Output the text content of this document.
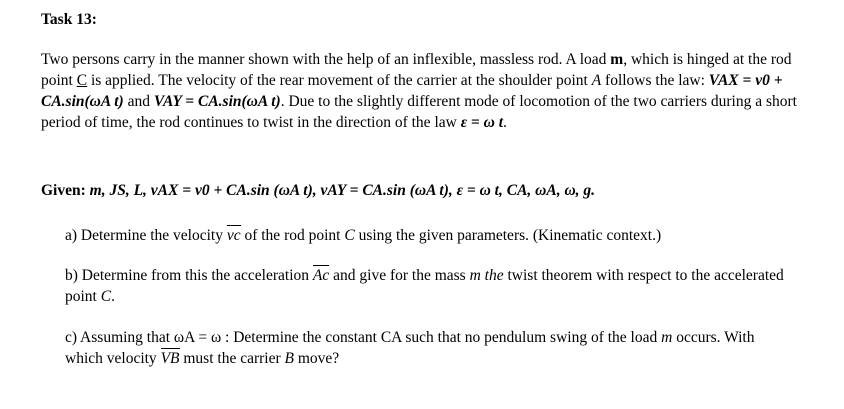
Task 13:
Two persons carry in the manner shown with the help of an inflexible, massless rod. A load m, which is hinged at the rod point C is applied. The velocity of the rear movement of the carrier at the shoulder point A follows the law: VAX = v0 + CA.sin(ωA t) and VAY = CA.sin(ωA t). Due to the slightly different mode of locomotion of the two carriers during a short period of time, the rod continues to twist in the direction of the law ε = ω t.
Given: m, JS, L, vAX = v0 + CA.sin (ωA t), vAY = CA.sin (ωA t), ε = ω t, CA, ωA, ω, g.
a) Determine the velocity
vc of the rod point C using the given parameters. (Kinematic context.)
b) Determine from this the acceleration
Ac and give for the mass m the twist theorem with respect to the accelerated point C.
c) Assuming that ωA = ω : Determine the constant CA such that no pendulum swing of the load m occurs. With which velocity
VB must the carrier B move?
